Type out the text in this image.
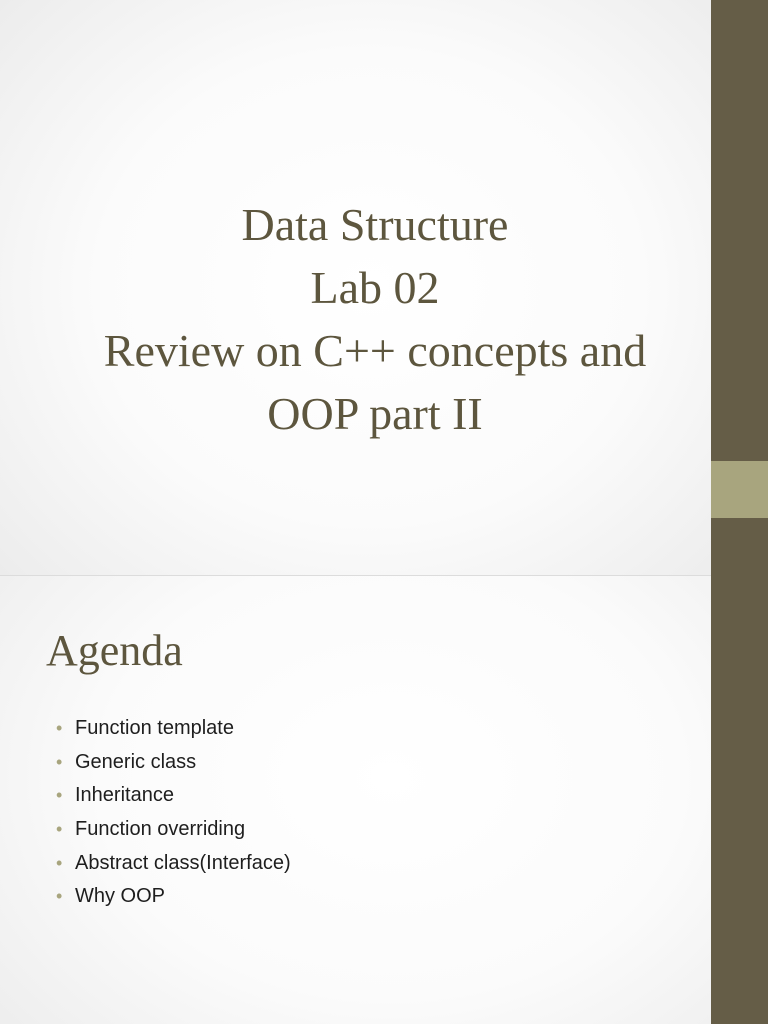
Data Structure
Lab 02
Review on C++ concepts and
OOP part II
Agenda
• Function template
• Generic class
• Inheritance
• Function overriding
• Abstract class(Interface)
• Why OOP
